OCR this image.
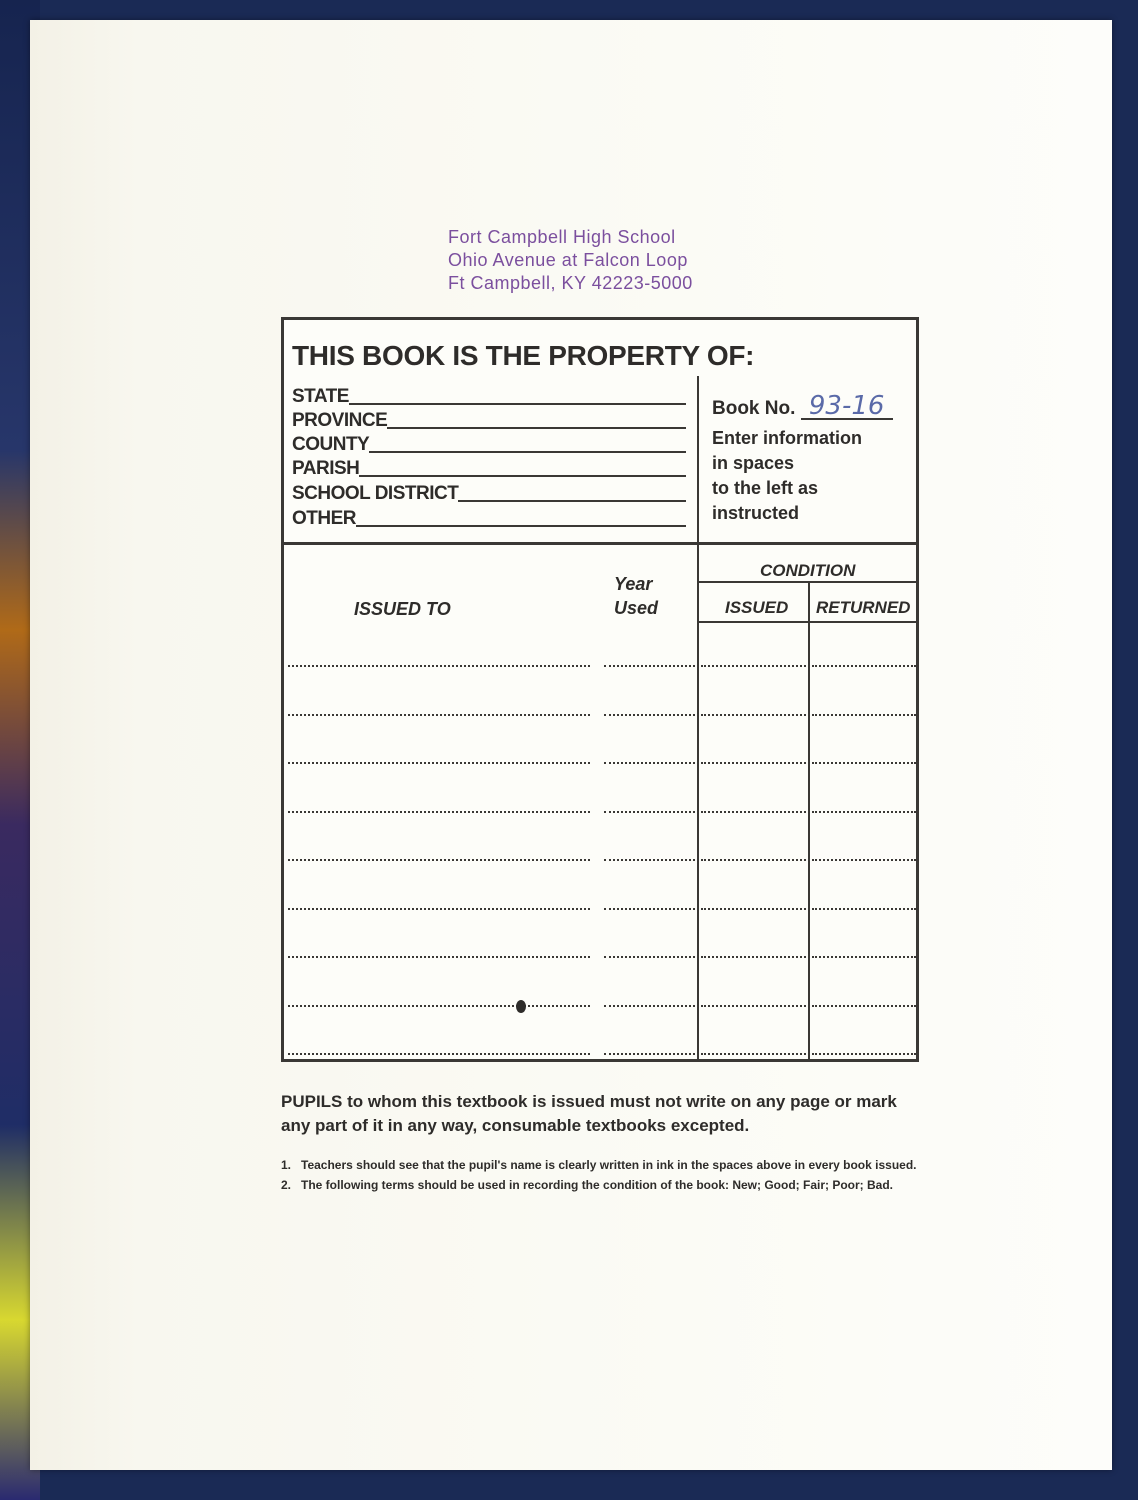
Fort Campbell High School
Ohio Avenue at Falcon Loop
Ft Campbell, KY 42223-5000
THIS BOOK IS THE PROPERTY OF:
STATE
PROVINCE
COUNTY
PARISH
SCHOOL DISTRICT
OTHER
Book No. 93-16
Enter information
in spaces
to the left as
instructed
ISSUED TO
Year
Used
CONDITION
ISSUED RETURNED
PUPILS to whom this textbook is issued must not write on any page or mark any part of it in any way, consumable textbooks excepted.
1. Teachers should see that the pupil's name is clearly written in ink in the spaces above in every book issued.
2. The following terms should be used in recording the condition of the book: New; Good; Fair; Poor; Bad.
